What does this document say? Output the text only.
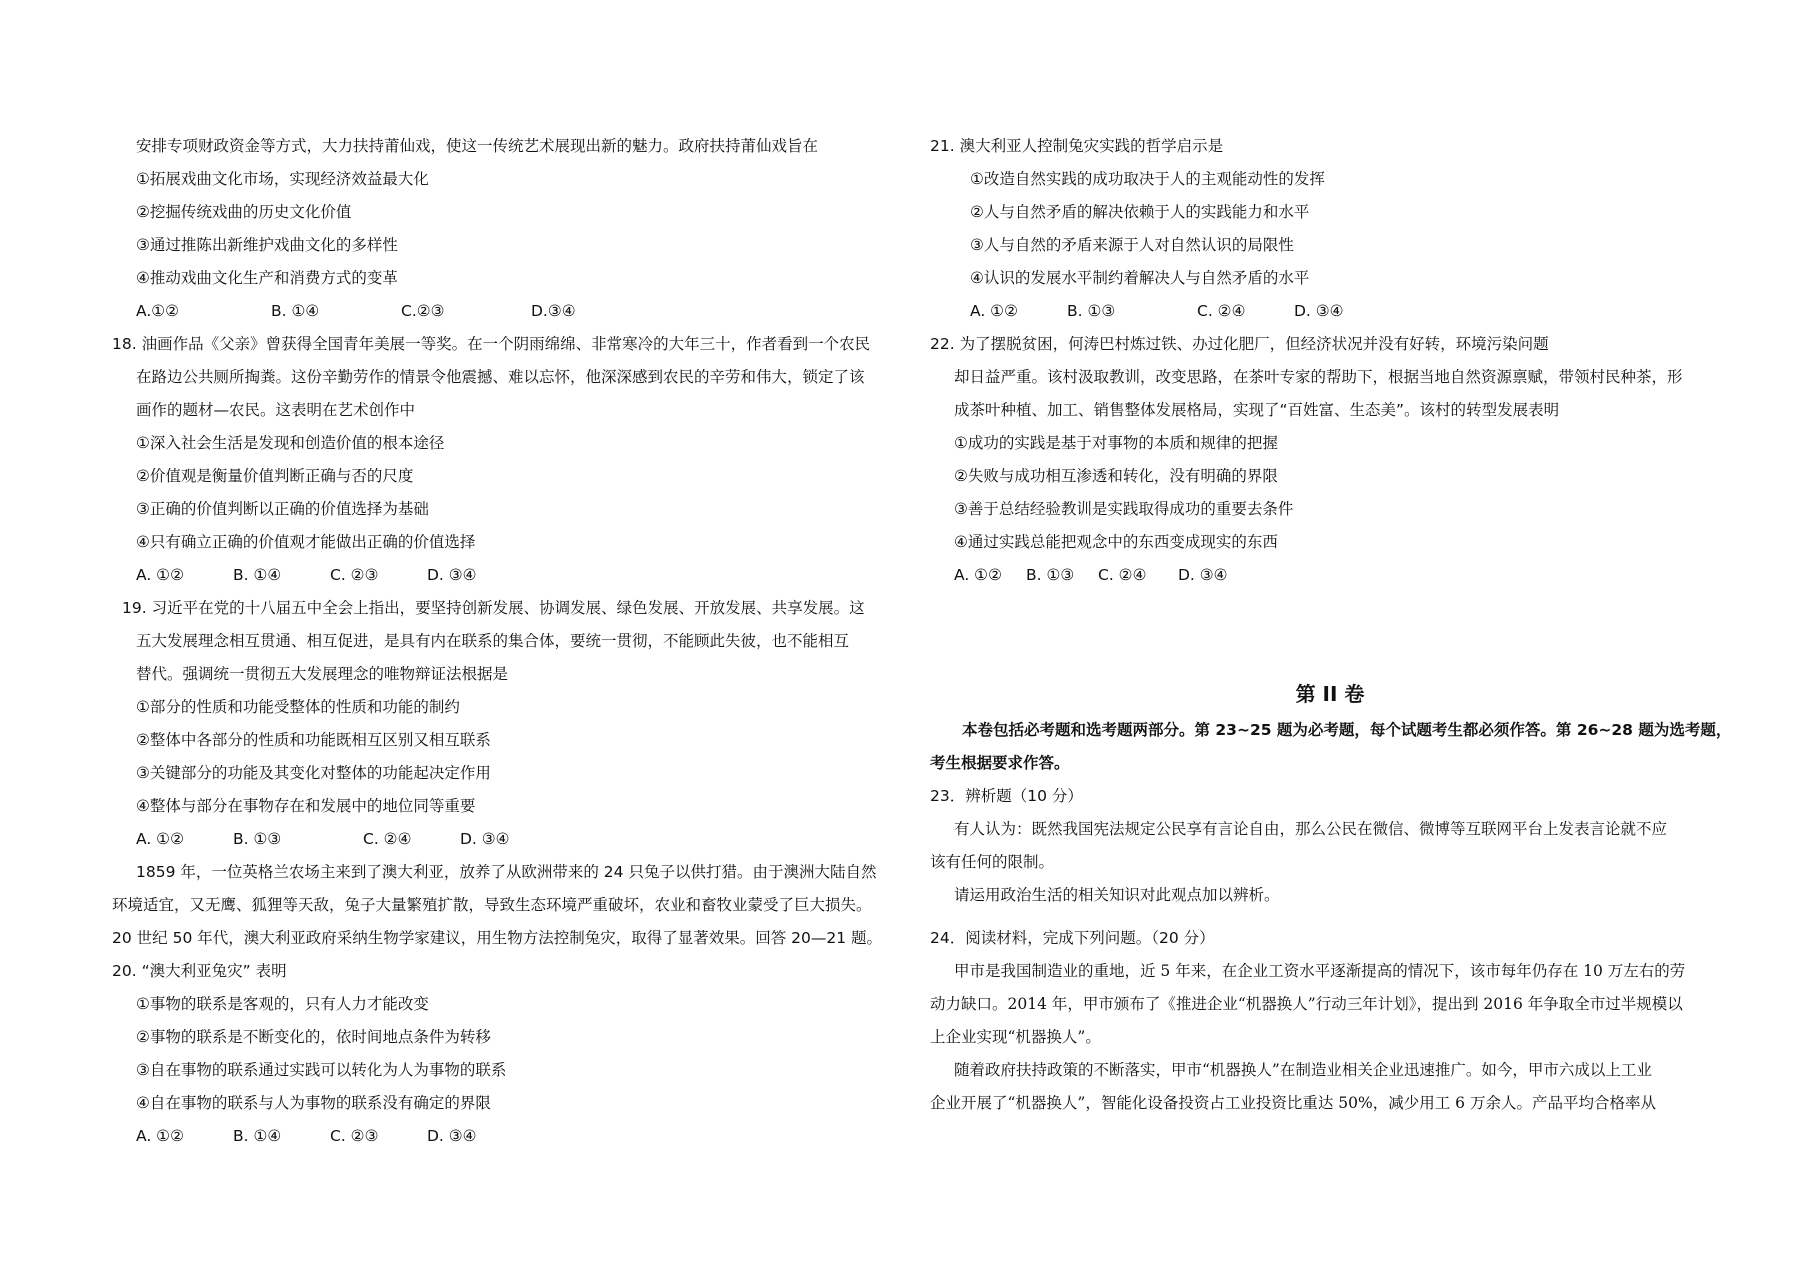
安排专项财政资金等方式，大力扶持莆仙戏，使这一传统艺术展现出新的魅力。政府扶持莆仙戏旨在
①拓展戏曲文化市场，实现经济效益最大化
②挖掘传统戏曲的历史文化价值
③通过推陈出新维护戏曲文化的多样性
④推动戏曲文化生产和消费方式的变革
A.①②	B. ①④	C.②③	D.③④
18. 油画作品《父亲》曾获得全国青年美展一等奖。在一个阴雨绵绵、非常寒冷的大年三十，作者看到一个农民
在路边公共厕所掏粪。这份辛勤劳作的情景令他震撼、难以忘怀，他深深感到农民的辛劳和伟大，锁定了该
画作的题材—农民。这表明在艺术创作中
①深入社会生活是发现和创造价值的根本途径
②价值观是衡量价值判断正确与否的尺度
③正确的价值判断以正确的价值选择为基础
④只有确立正确的价值观才能做出正确的价值选择
A. ①②	B. ①④	C. ②③	D. ③④
19. 习近平在党的十八届五中全会上指出，要坚持创新发展、协调发展、绿色发展、开放发展、共享发展。这
五大发展理念相互贯通、相互促进，是具有内在联系的集合体，要统一贯彻，不能顾此失彼，也不能相互
替代。强调统一贯彻五大发展理念的唯物辩证法根据是
①部分的性质和功能受整体的性质和功能的制约
②整体中各部分的性质和功能既相互区别又相互联系
③关键部分的功能及其变化对整体的功能起决定作用
④整体与部分在事物存在和发展中的地位同等重要
A. ①②	B. ①③	C. ②④	D. ③④
1859 年，一位英格兰农场主来到了澳大利亚，放养了从欧洲带来的 24 只兔子以供打猎。由于澳洲大陆自然
环境适宜，又无鹰、狐狸等天敌，兔子大量繁殖扩散，导致生态环境严重破坏，农业和畜牧业蒙受了巨大损失。
20 世纪 50 年代，澳大利亚政府采纳生物学家建议，用生物方法控制兔灾，取得了显著效果。回答 20—21 题。
20. “澳大利亚兔灾” 表明
①事物的联系是客观的，只有人力才能改变
②事物的联系是不断变化的，依时间地点条件为转移
③自在事物的联系通过实践可以转化为人为事物的联系
④自在事物的联系与人为事物的联系没有确定的界限
A. ①②	B. ①④	C. ②③	D. ③④
21. 澳大利亚人控制兔灾实践的哲学启示是
①改造自然实践的成功取决于人的主观能动性的发挥
②人与自然矛盾的解决依赖于人的实践能力和水平
③人与自然的矛盾来源于人对自然认识的局限性
④认识的发展水平制约着解决人与自然矛盾的水平
A. ①②	B. ①③	C. ②④	D. ③④
22. 为了摆脱贫困，何涛巴村炼过铁、办过化肥厂，但经济状况并没有好转，环境污染问题
却日益严重。该村汲取教训，改变思路，在茶叶专家的帮助下，根据当地自然资源禀赋，带领村民种茶，形
成茶叶种植、加工、销售整体发展格局，实现了“百姓富、生态美”。该村的转型发展表明
①成功的实践是基于对事物的本质和规律的把握
②失败与成功相互渗透和转化，没有明确的界限
③善于总结经验教训是实践取得成功的重要去条件
④通过实践总能把观念中的东西变成现实的东西
A. ①② B. ①③ C. ②④ D. ③④
第 II 卷
本卷包括必考题和选考题两部分。第 23~25 题为必考题，每个试题考生都必须作答。第 26~28 题为选考题，
考生根据要求作答。
23．辨析题（10 分）
有人认为：既然我国宪法规定公民享有言论自由，那么公民在微信、微博等互联网平台上发表言论就不应
该有任何的限制。
请运用政治生活的相关知识对此观点加以辨析。
24．阅读材料，完成下列问题。（20 分）
甲市是我国制造业的重地，近 5 年来，在企业工资水平逐渐提高的情况下，该市每年仍存在 10 万左右的劳
动力缺口。2014 年，甲市颁布了《推进企业“机器换人”行动三年计划》，提出到 2016 年争取全市过半规模以
上企业实现“机器换人”。
随着政府扶持政策的不断落实，甲市“机器换人”在制造业相关企业迅速推广。如今，甲市六成以上工业
企业开展了“机器换人”，智能化设备投资占工业投资比重达 50%，减少用工 6 万余人。产品平均合格率从
